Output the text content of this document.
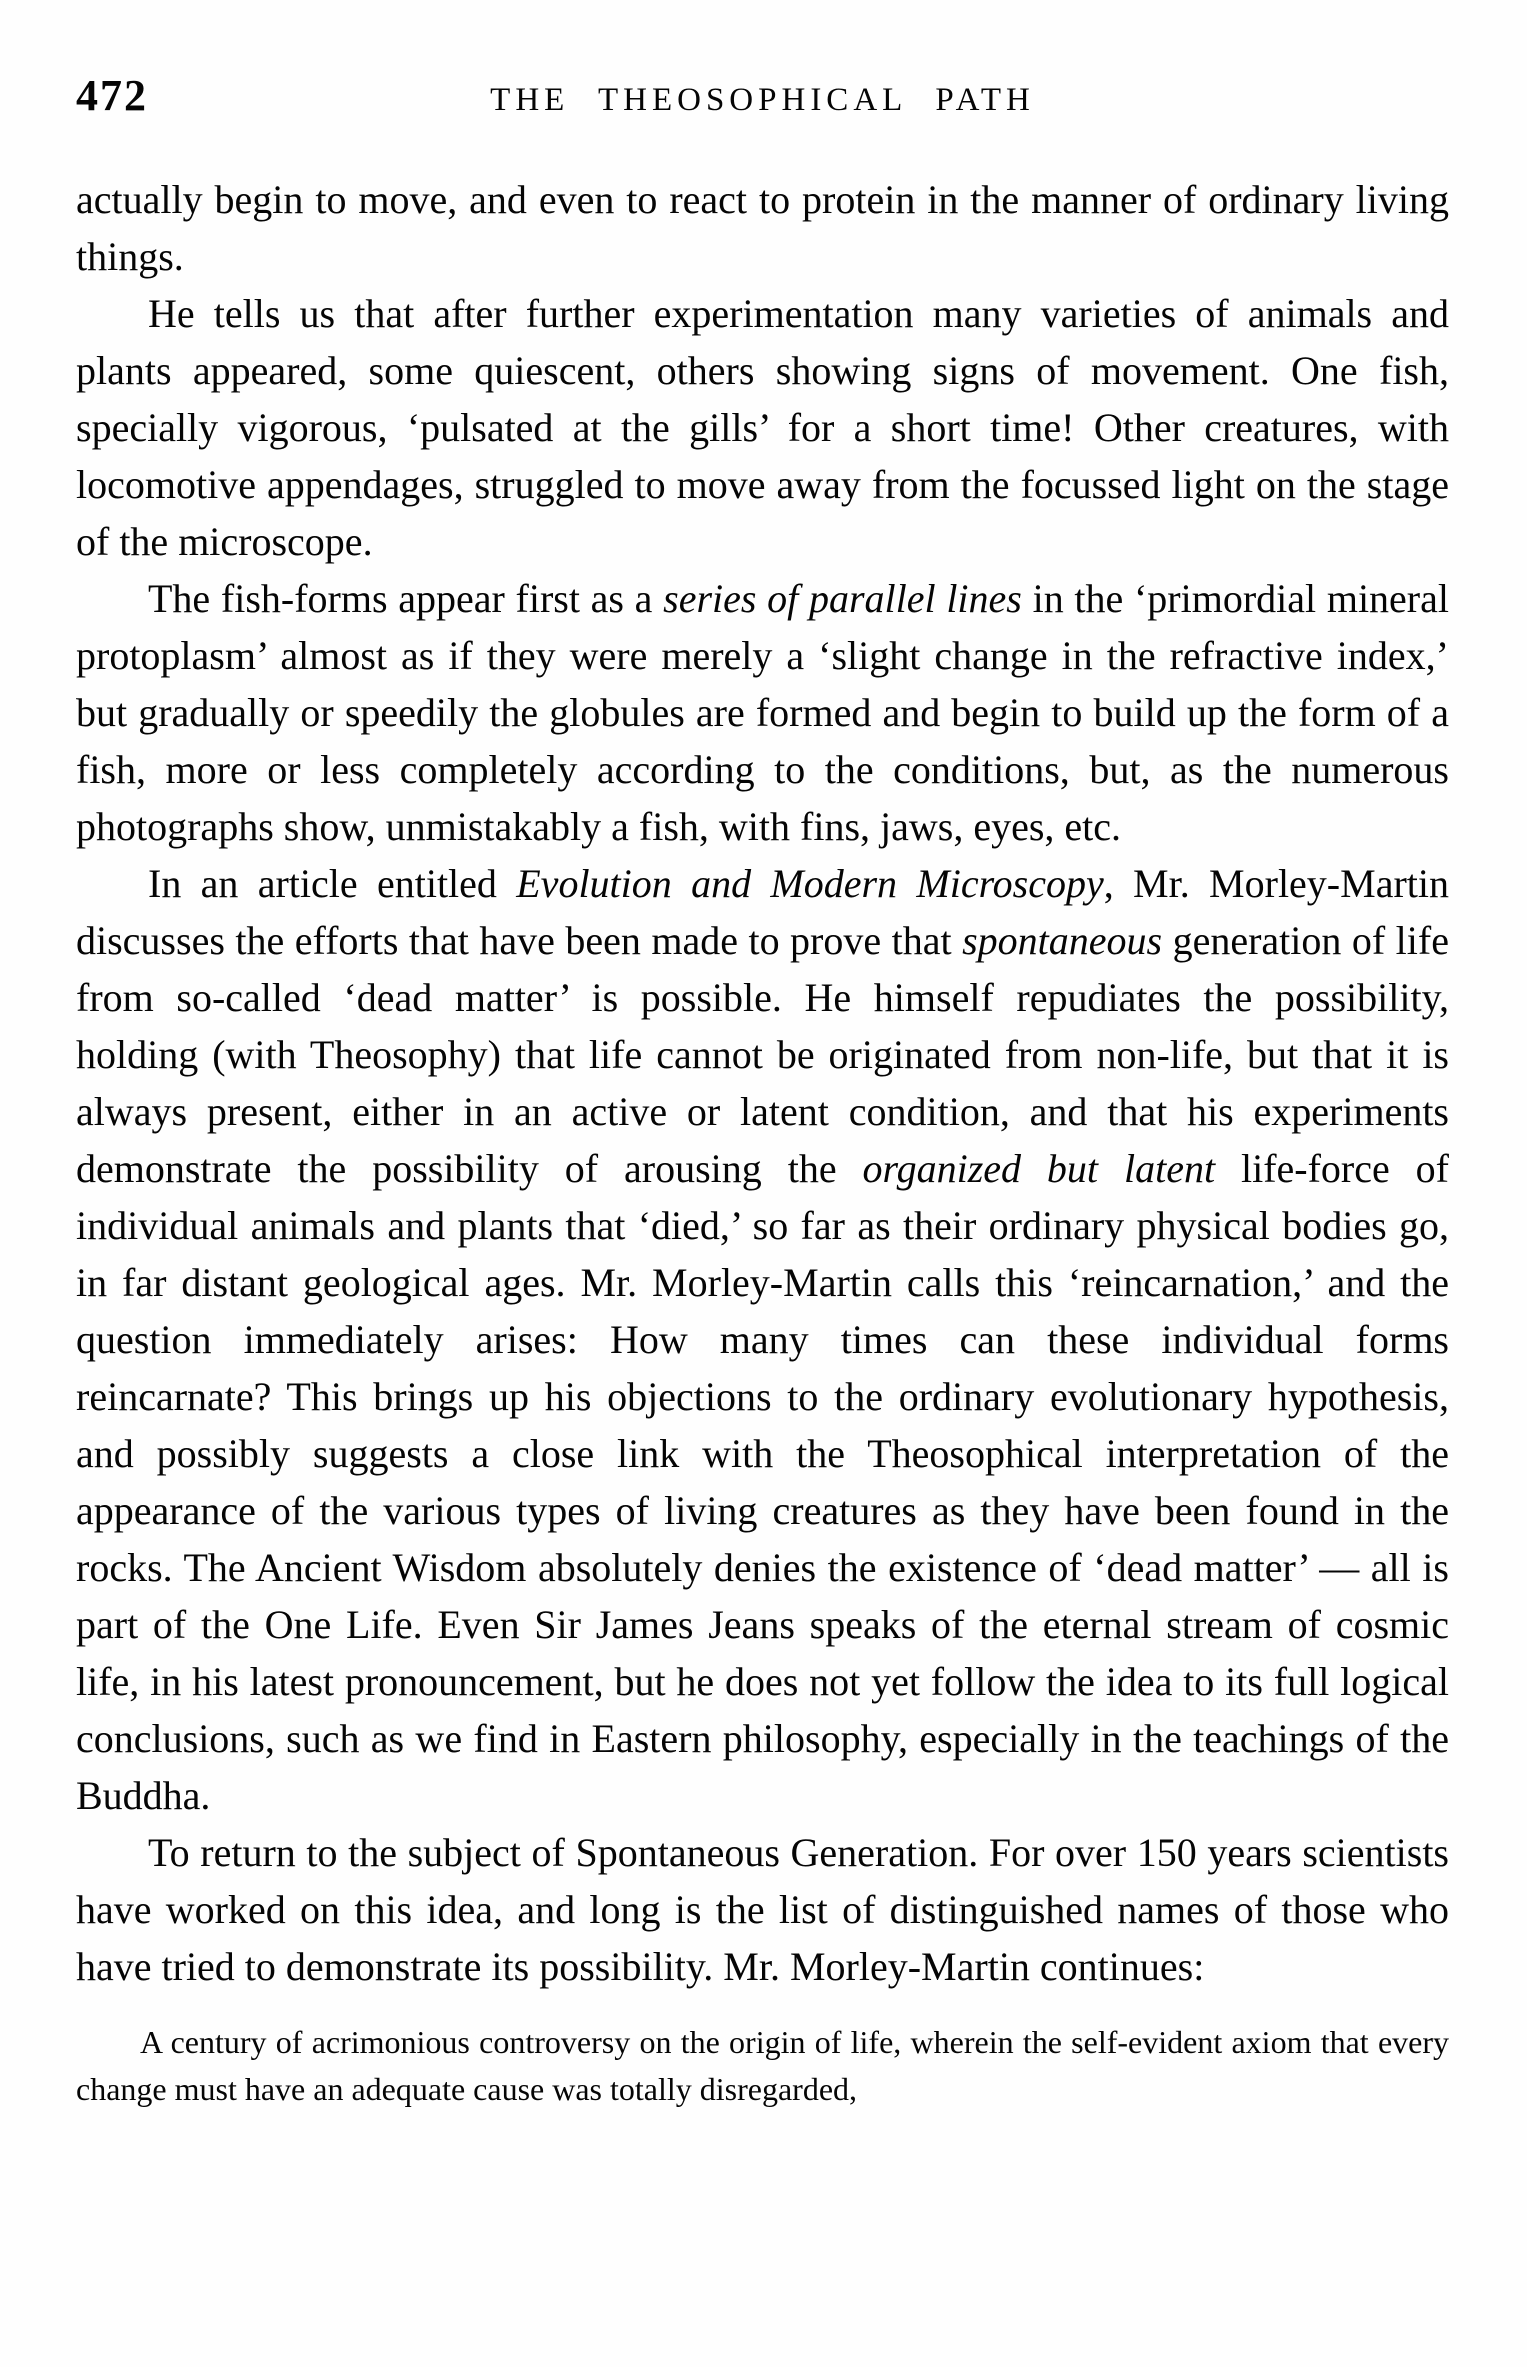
472	THE THEOSOPHICAL PATH

actually begin to move, and even to react to protein in the manner of ordinary living things.

He tells us that after further experimentation many varieties of animals and plants appeared, some quiescent, others showing signs of movement. One fish, specially vigorous, ‘pulsated at the gills’ for a short time! Other creatures, with locomotive appendages, struggled to move away from the focussed light on the stage of the microscope.

The fish-forms appear first as a series of parallel lines in the ‘primordial mineral protoplasm’ almost as if they were merely a ‘slight change in the refractive index,’ but gradually or speedily the globules are formed and begin to build up the form of a fish, more or less completely according to the conditions, but, as the numerous photographs show, unmistakably a fish, with fins, jaws, eyes, etc.

In an article entitled Evolution and Modern Microscopy, Mr. Morley-Martin discusses the efforts that have been made to prove that spontaneous generation of life from so-called ‘dead matter’ is possible. He himself repudiates the possibility, holding (with Theosophy) that life cannot be originated from non-life, but that it is always present, either in an active or latent condition, and that his experiments demonstrate the possibility of arousing the organized but latent life-force of individual animals and plants that ‘died,’ so far as their ordinary physical bodies go, in far distant geological ages. Mr. Morley-Martin calls this ‘reincarnation,’ and the question immediately arises: How many times can these individual forms reincarnate? This brings up his objections to the ordinary evolutionary hypothesis, and possibly suggests a close link with the Theosophical interpretation of the appearance of the various types of living creatures as they have been found in the rocks. The Ancient Wisdom absolutely denies the existence of ‘dead matter’ — all is part of the One Life. Even Sir James Jeans speaks of the eternal stream of cosmic life, in his latest pronouncement, but he does not yet follow the idea to its full logical conclusions, such as we find in Eastern philosophy, especially in the teachings of the Buddha.

To return to the subject of Spontaneous Generation. For over 150 years scientists have worked on this idea, and long is the list of distinguished names of those who have tried to demonstrate its possibility. Mr. Morley-Martin continues:

A century of acrimonious controversy on the origin of life, wherein the self-evident axiom that every change must have an adequate cause was totally disregarded,
